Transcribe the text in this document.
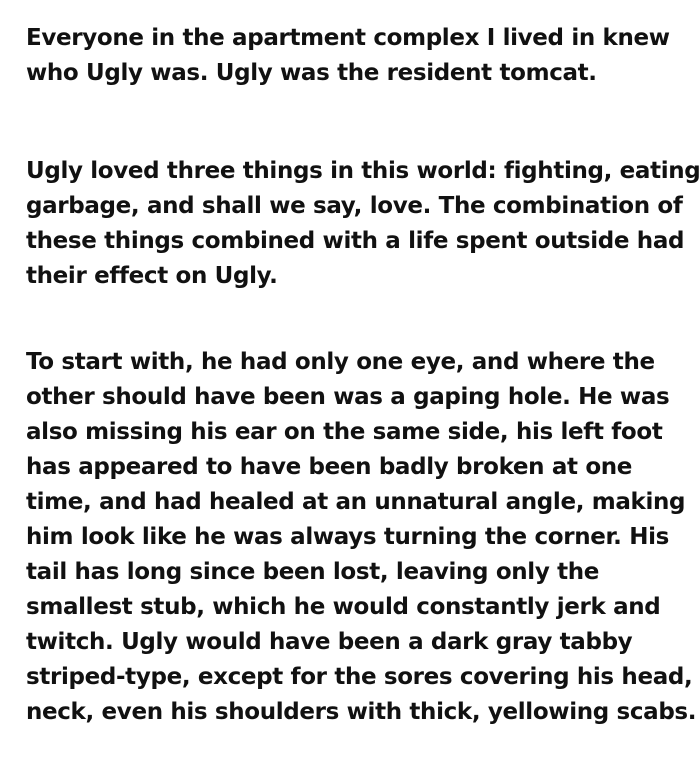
Everyone in the apartment complex I lived in knew
who Ugly was. Ugly was the resident tomcat.

Ugly loved three things in this world: fighting, eating
garbage, and shall we say, love. The combination of
these things combined with a life spent outside had
their effect on Ugly.

To start with, he had only one eye, and where the
other should have been was a gaping hole. He was
also missing his ear on the same side, his left foot
has appeared to have been badly broken at one
time, and had healed at an unnatural angle, making
him look like he was always turning the corner. His
tail has long since been lost, leaving only the
smallest stub, which he would constantly jerk and
twitch. Ugly would have been a dark gray tabby
striped-type, except for the sores covering his head,
neck, even his shoulders with thick, yellowing scabs.
